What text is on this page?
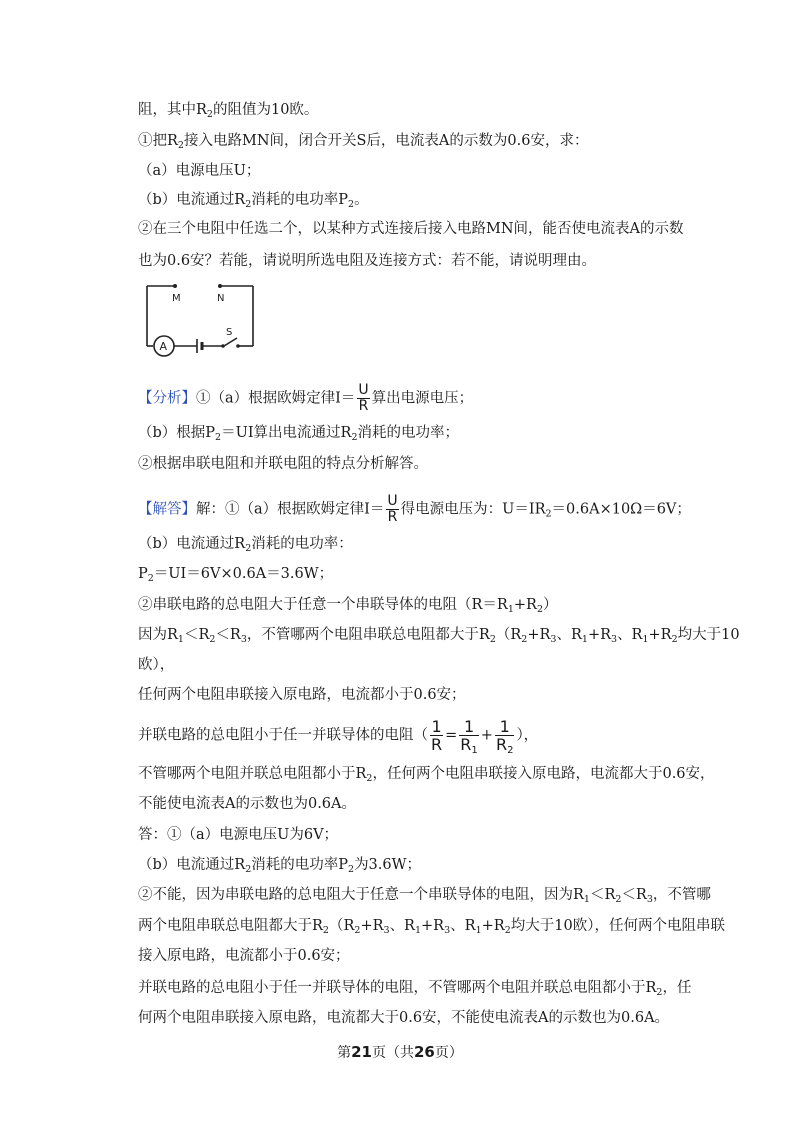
阻，其中$R_2$的阻值为10欧。
①把$R_2$接入电路MN间，闭合开关S后，电流表A的示数为0.6安，求：
（a）电源电压U；
（b）电流通过$R_2$消耗的电功率$P_2$。
②在三个电阻中任选二个，以某种方式连接后接入电路MN间，能否使电流表A的示数
也为0.6安？若能，请说明所选电阻及连接方式：若不能，请说明理由。
M	N
A
S
【分析】①（a）根据欧姆定律$I= \frac{U}{R}$ 算出电源电压；
（b）根据$P_2=UI$算出电流通过$R_2$消耗的电功率；
②根据串联电阻和并联电阻的特点分析解答。
【解答】解：①（a）根据欧姆定律$I= \frac{U}{R}$ 得电源电压为：$U=IR_2=0.6A\times 10\Omega=6V$；
（b）电流通过$R_2$消耗的电功率：
$P_2=UI=6V\times 0.6A=3.6W$；
②串联电路的总电阻大于任意一个串联导体的电阻$(R=R_1+R_2)$
因为$R_1<R_2<R_3$，不管哪两个电阻串联总电阻都大于$R_2(R_2+R_3$、$R_1+R_3$、$R_1+R_2$均大于10
欧），
任何两个电阻串联接入原电路，电流都小于0.6安；
并联电路的总电阻小于任一并联导体的电阻（ $\frac{1}{R} = \frac{1}{R_1} + \frac{1}{R_2}$ ），
不管哪两个电阻并联总电阻都小于$R_2$，任何两个电阻串联接入原电路，电流都大于0.6安，
不能使电流表A的示数也为0.6A。
答：①（a）电源电压U为6V；
（b）电流通过$R_2$消耗的电功率$P_2$为3.6W；
②不能，因为串联电路的总电阻大于任意一个串联导体的电阻，因为$R_1<R_2<R_3$，不管哪
两个电阻串联总电阻都大于$R_2(R_2+R_3$、$R_1+R_3$、$R_1+R_2$均大于10欧），任何两个电阻串联
接入原电路，电流都小于0.6安；
并联电路的总电阻小于任一并联导体的电阻，不管哪两个电阻并联总电阻都小于$R_2$，任
何两个电阻串联接入原电路，电流都大于0.6安，不能使电流表A的示数也为0.6A。
第21页（共26页）
